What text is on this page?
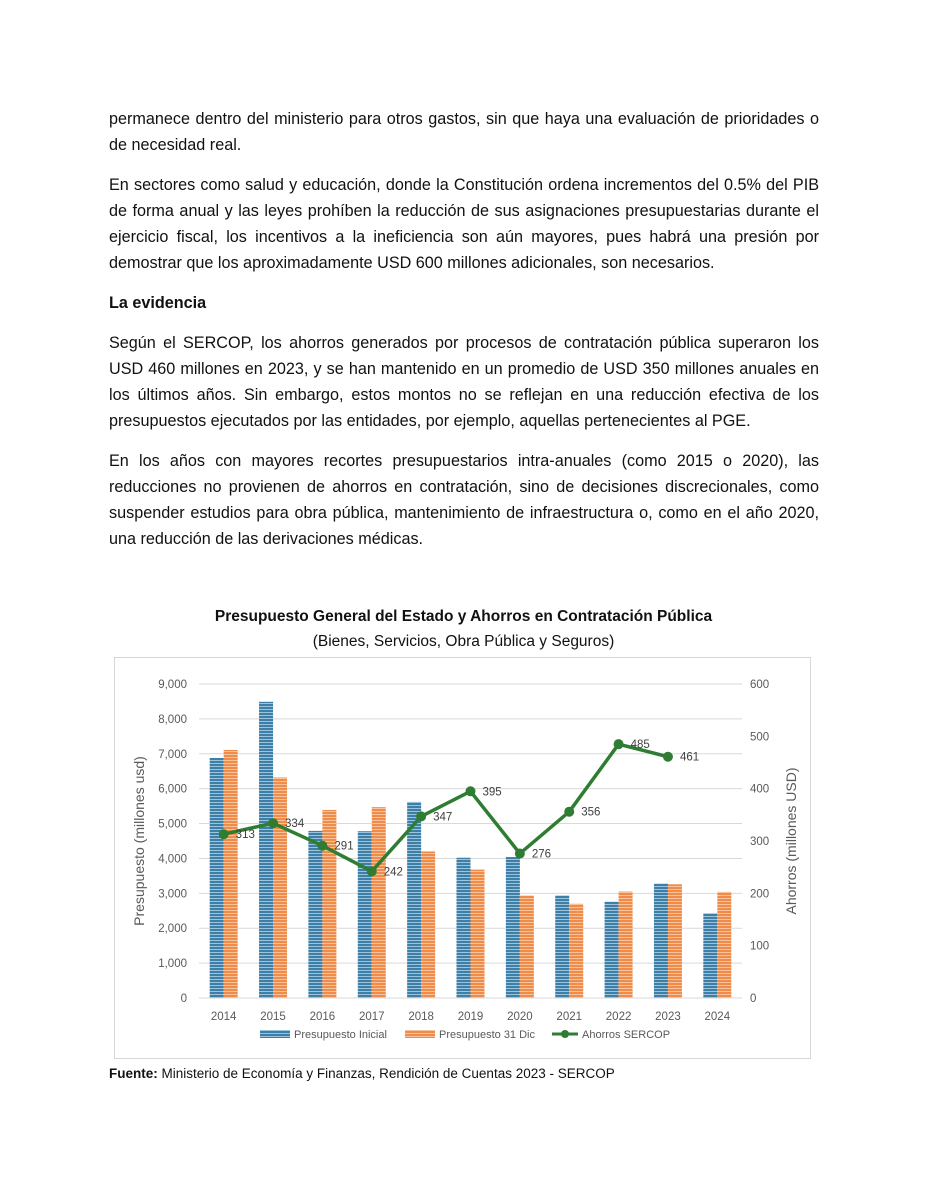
permanece dentro del ministerio para otros gastos, sin que haya una evaluación de prioridades o de necesidad real.

En sectores como salud y educación, donde la Constitución ordena incrementos del 0.5% del PIB de forma anual y las leyes prohíben la reducción de sus asignaciones presupuestarias durante el ejercicio fiscal, los incentivos a la ineficiencia son aún mayores, pues habrá una presión por demostrar que los aproximadamente USD 600 millones adicionales, son necesarios.

La evidencia

Según el SERCOP, los ahorros generados por procesos de contratación pública superaron los USD 460 millones en 2023, y se han mantenido en un promedio de USD 350 millones anuales en los últimos años. Sin embargo, estos montos no se reflejan en una reducción efectiva de los presupuestos ejecutados por las entidades, por ejemplo, aquellas pertenecientes al PGE.

En los años con mayores recortes presupuestarios intra-anuales (como 2015 o 2020), las reducciones no provienen de ahorros en contratación, sino de decisiones discrecionales, como suspender estudios para obra pública, mantenimiento de infraestructura o, como en el año 2020, una reducción de las derivaciones médicas.

Presupuesto General del Estado y Ahorros en Contratación Pública
(Bienes, Servicios, Obra Pública y Seguros)
0
1,000
2,000
3,000
4,000
5,000
6,000
7,000
8,000
9,000
0
100
200
300
400
500
600
Presupuesto (millones usd)	Ahorros (millones USD)
2014 2015 2016 2017 2018 2019 2020 2021 2022 2023 2024
313
334
291
242
347
395
276
356
485
461
Presupuesto Inicial	Presupuesto 31 Dic	Ahorros SERCOP
Fuente: Ministerio de Economía y Finanzas, Rendición de Cuentas 2023 - SERCOP
